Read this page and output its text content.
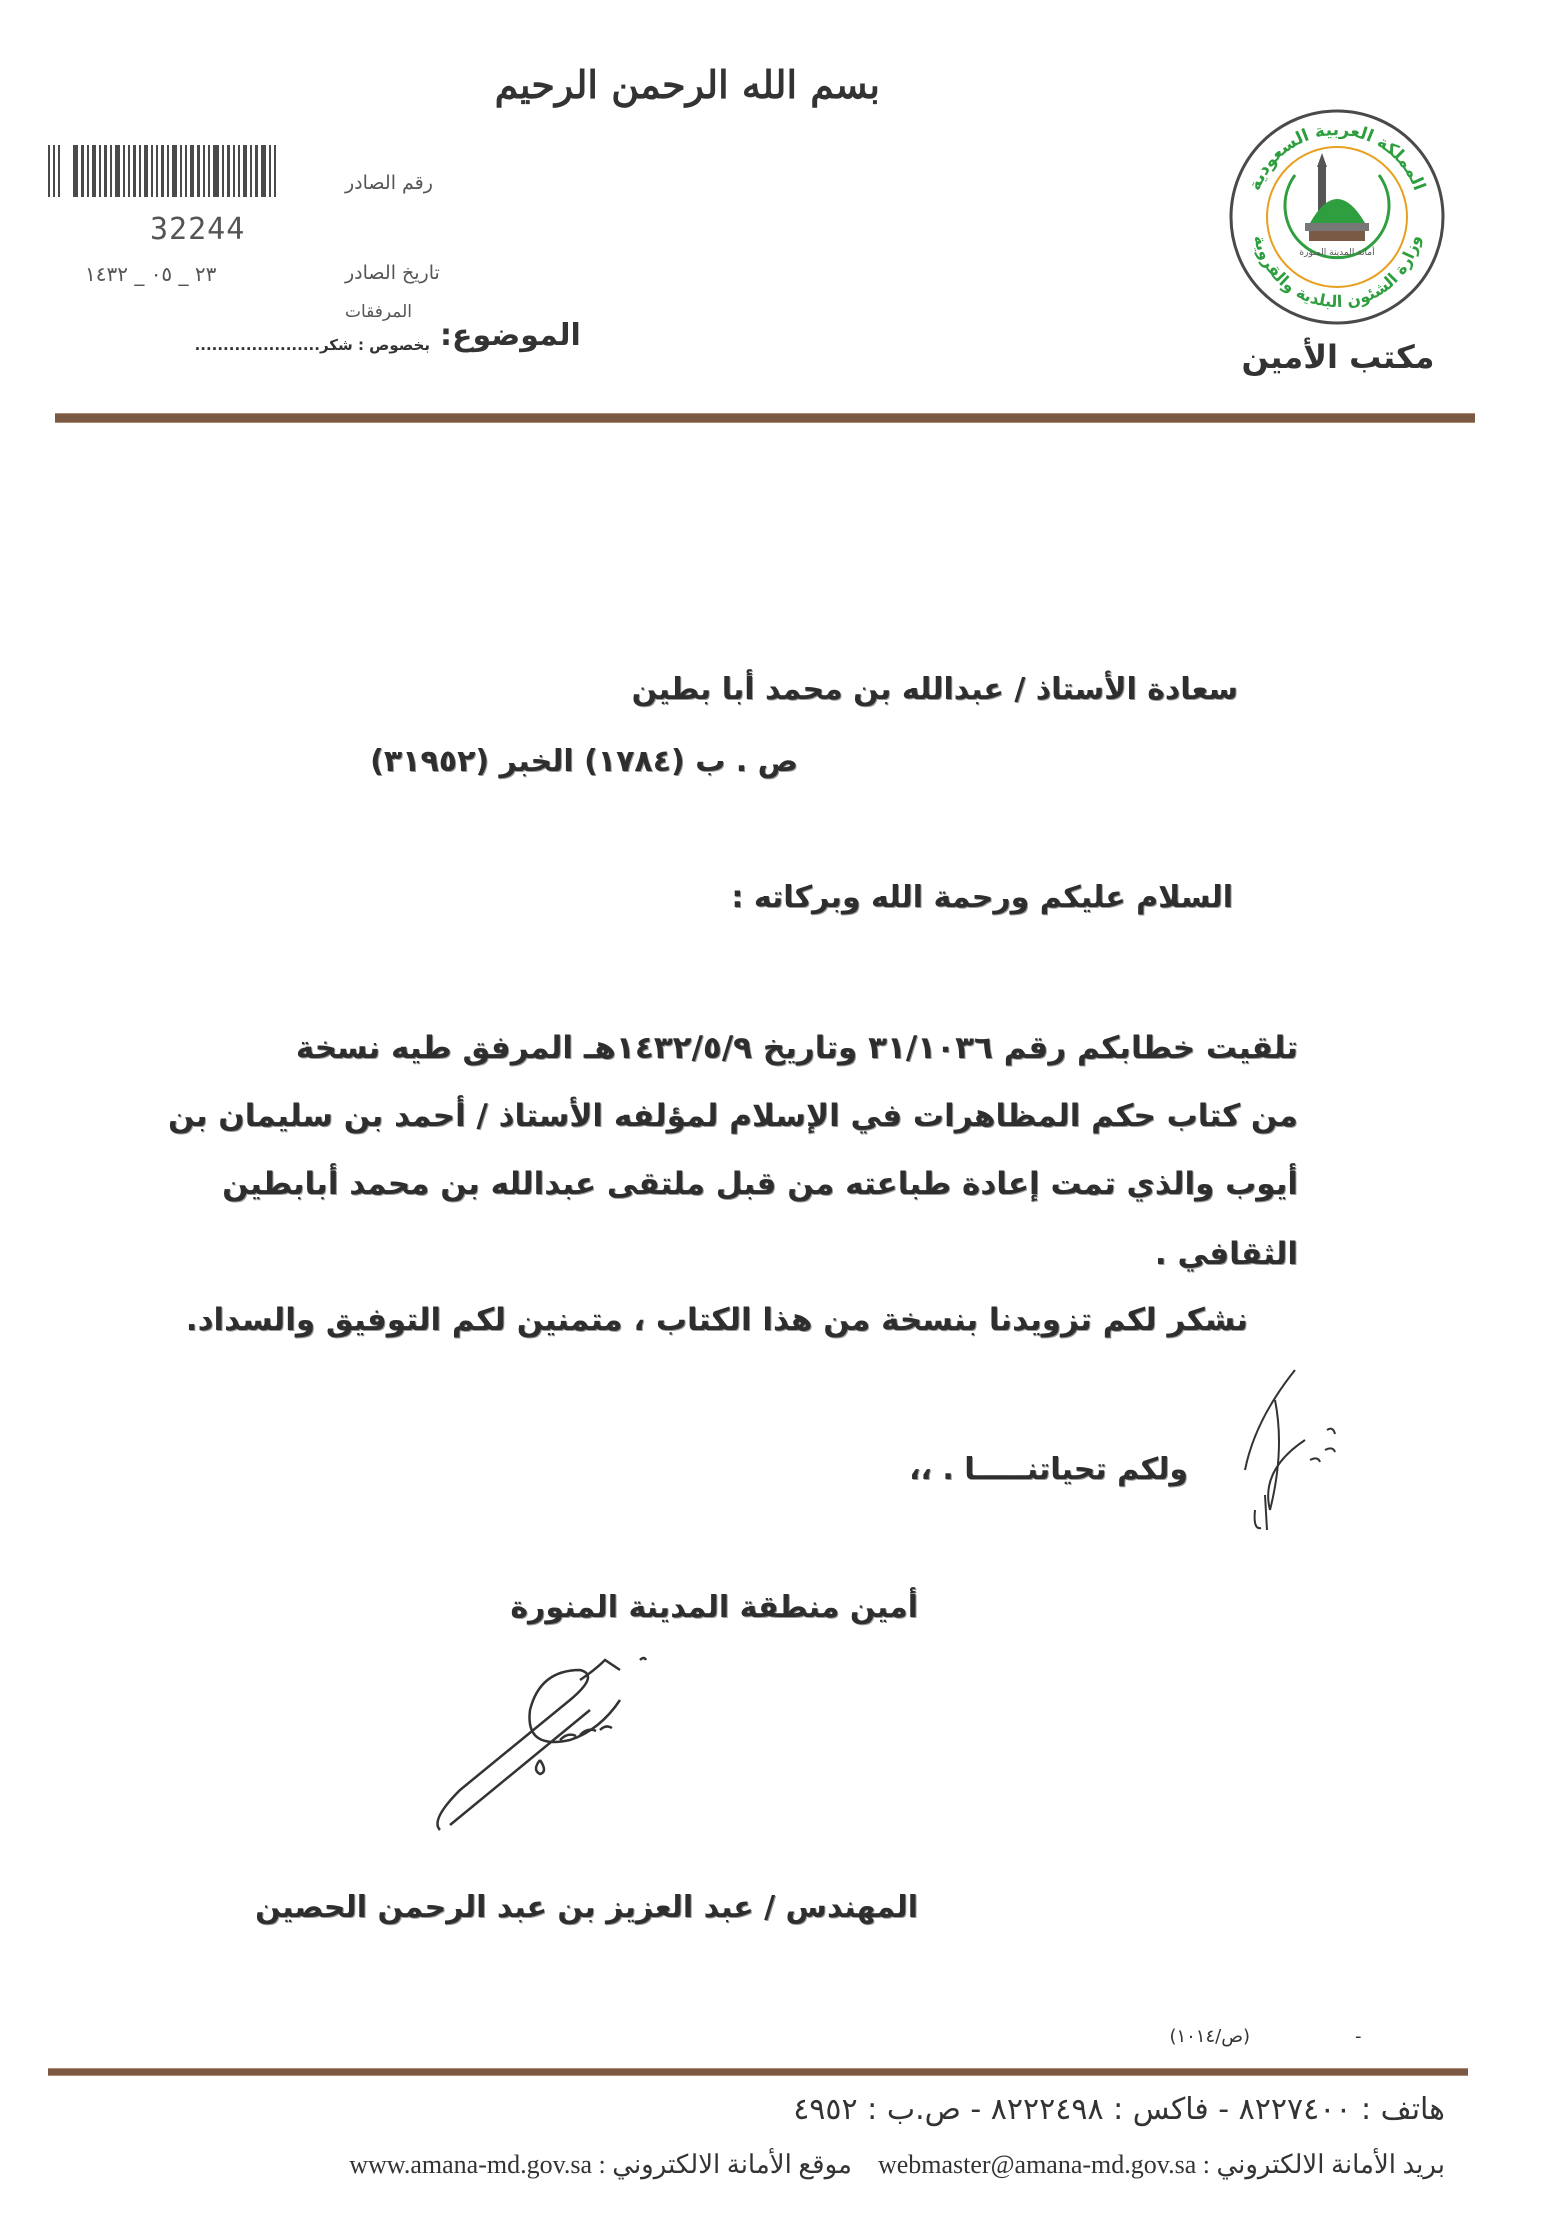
بسم الله الرحمن الرحيم
رقم الصادر
32244
تاريخ الصادر
٢٣ _ ٠٥ _ ١٤٣٢
المرفقات
الموضوع:
بخصوص : شكر......................
المملكة العربية السعودية
وزارة الشئون البلدية والقروية
أمانة المدينة المنورة
مكتب الأمين
سعادة الأستاذ / عبدالله بن محمد أبا بطين
ص . ب (١٧٨٤) الخبر (٣١٩٥٢)
السلام عليكم ورحمة الله وبركاته :
تلقيت خطابكم رقم ٣١/١٠٣٦ وتاريخ ١٤٣٢/٥/٩هـ المرفق طيه نسخة
من كتاب حكم المظاهرات في الإسلام لمؤلفه الأستاذ / أحمد بن سليمان بن
أيوب والذي تمت إعادة طباعته من قبل ملتقى عبدالله بن محمد أبابطين
الثقافي .
نشكر لكم تزويدنا بنسخة من هذا الكتاب ، متمنين لكم التوفيق والسداد.
ولكم تحياتنـــــا . ،،
أمين منطقة المدينة المنورة
المهندس / عبد العزيز بن عبد الرحمن الحصين
(ص/١٠١٤)	-
هاتف : ٨٢٢٧٤٠٠ - فاكس : ٨٢٢٢٤٩٨ - ص.ب : ٤٩٥٢
بريد الأمانة الالكتروني : webmaster@amana-md.gov.sa    موقع الأمانة الالكتروني : www.amana-md.gov.sa
